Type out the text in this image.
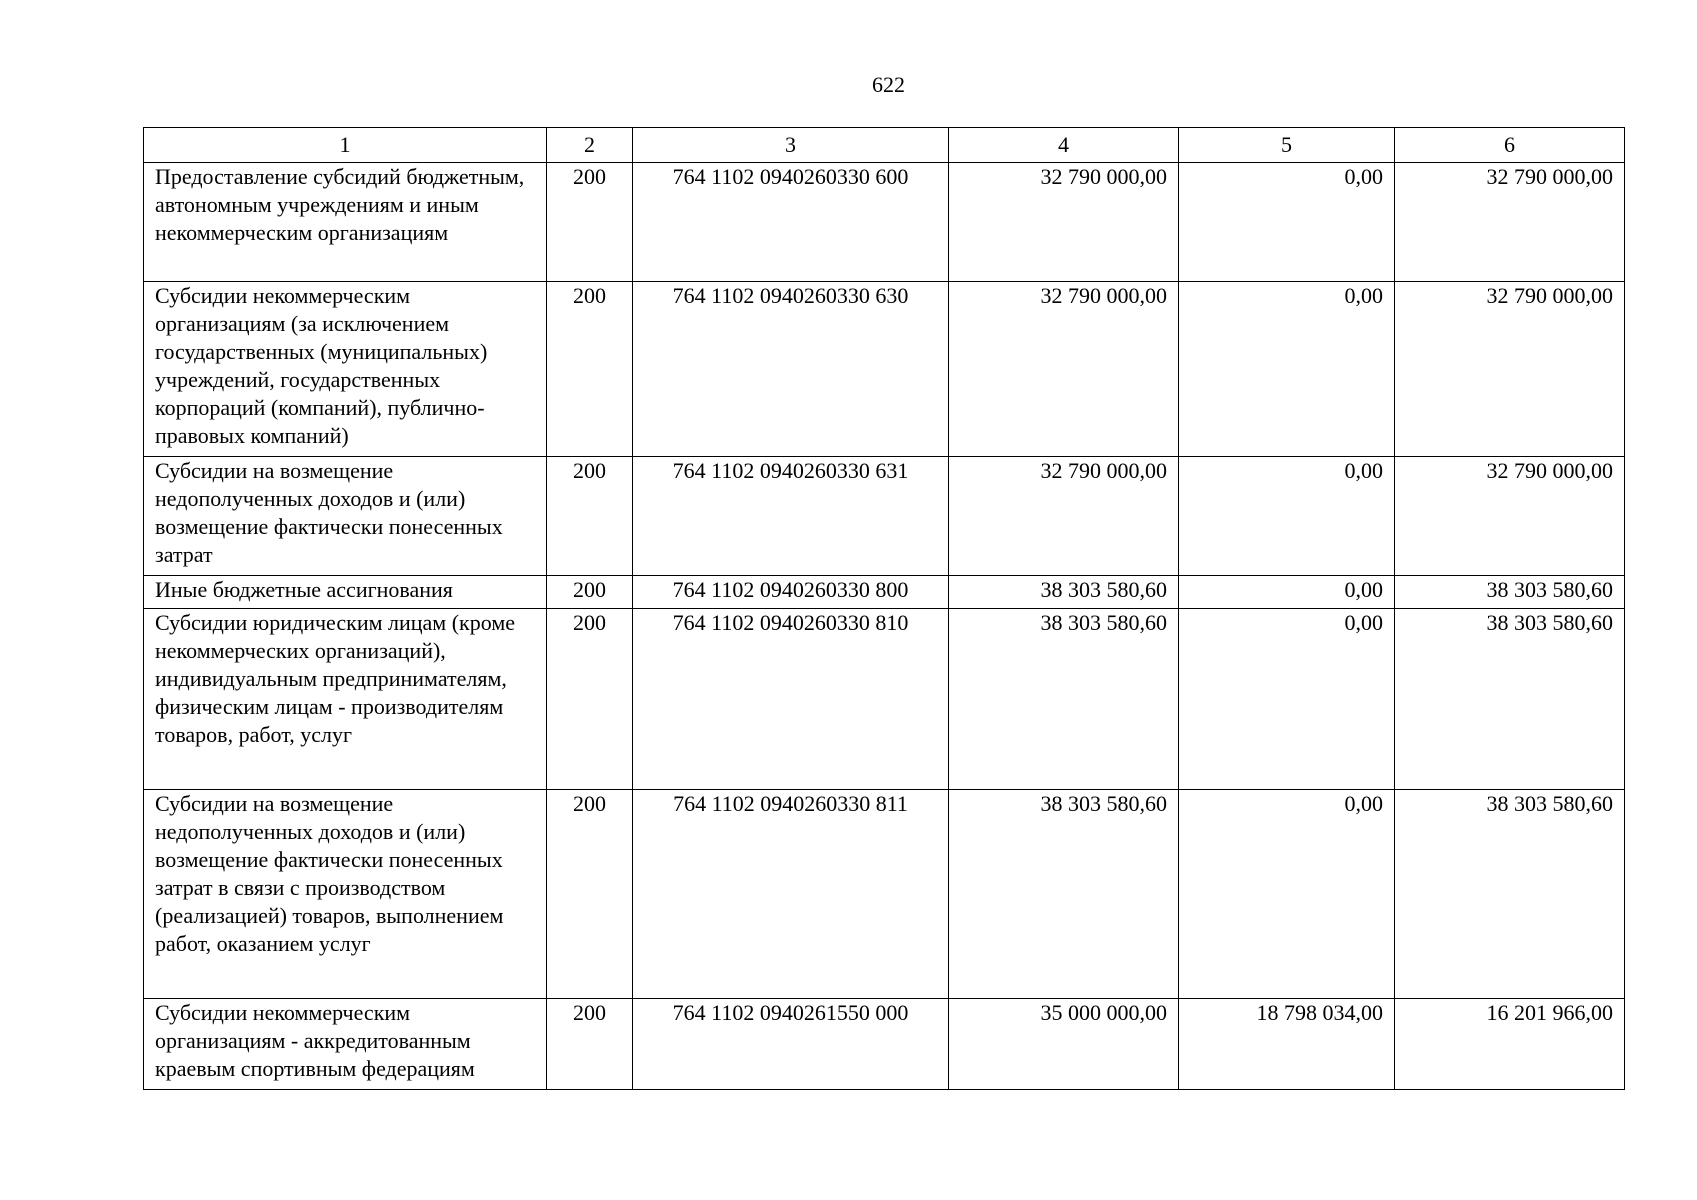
622
1	2	3	4	5	6
Предоставление субсидий бюджетным, автономным учреждениям и иным некоммерческим организациям	200	764 1102 0940260330 600	32 790 000,00	0,00	32 790 000,00
Субсидии некоммерческим организациям (за исключением государственных (муниципальных) учреждений, государственных корпораций (компаний), публично-правовых компаний)	200	764 1102 0940260330 630	32 790 000,00	0,00	32 790 000,00
Субсидии на возмещение недополученных доходов и (или) возмещение фактически понесенных затрат	200	764 1102 0940260330 631	32 790 000,00	0,00	32 790 000,00
Иные бюджетные ассигнования	200	764 1102 0940260330 800	38 303 580,60	0,00	38 303 580,60
Субсидии юридическим лицам (кроме некоммерческих организаций), индивидуальным предпринимателям, физическим лицам - производителям товаров, работ, услуг	200	764 1102 0940260330 810	38 303 580,60	0,00	38 303 580,60
Субсидии на возмещение недополученных доходов и (или) возмещение фактически понесенных затрат в связи с производством (реализацией) товаров, выполнением работ, оказанием услуг	200	764 1102 0940260330 811	38 303 580,60	0,00	38 303 580,60
Субсидии некоммерческим организациям - аккредитованным краевым спортивным федерациям	200	764 1102 0940261550 000	35 000 000,00	18 798 034,00	16 201 966,00
